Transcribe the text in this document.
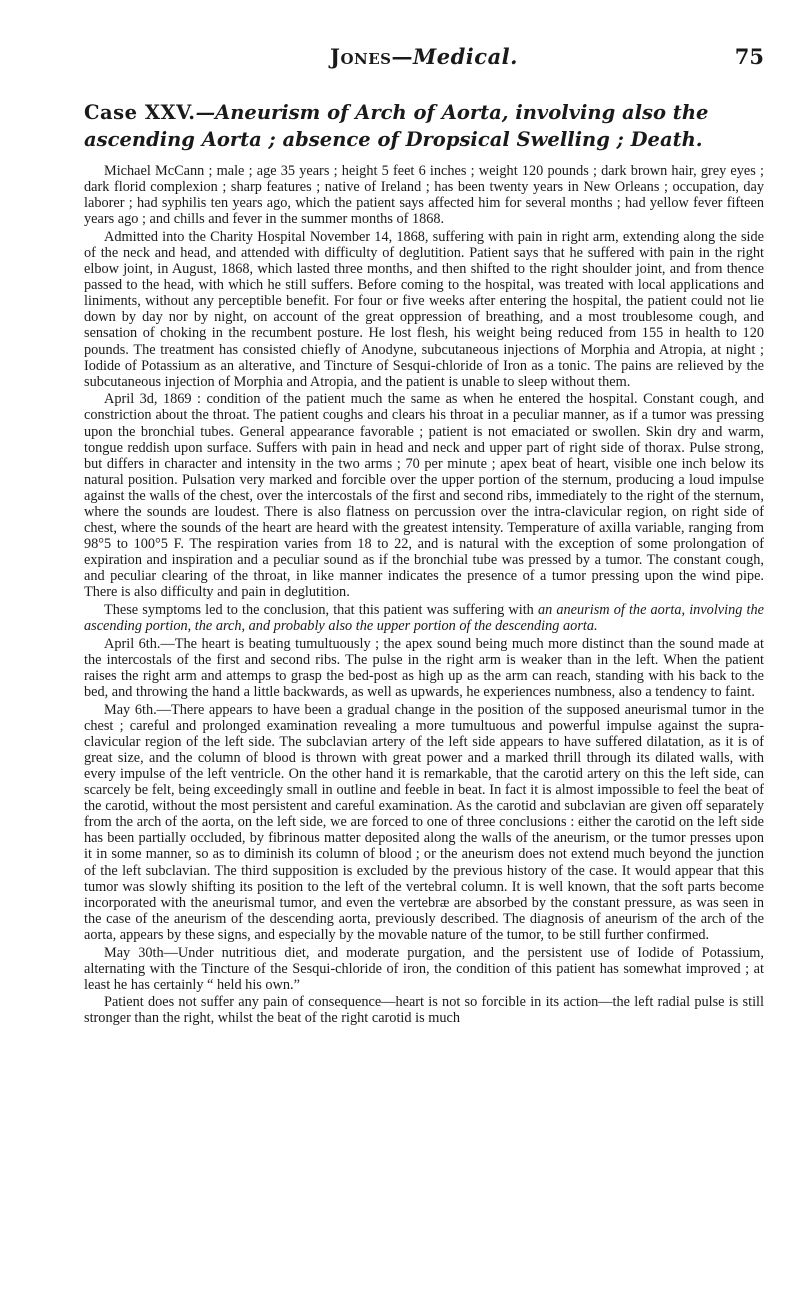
Jones—Medical.	75
Case XXV.—Aneurism of Arch of Aorta, involving also the ascending Aorta ; absence of Dropsical Swelling ; Death.

Michael McCann ; male ; age 35 years ; height 5 feet 6 inches ; weight 120 pounds ; dark brown hair, grey eyes ; dark florid complexion ; sharp features ; native of Ireland ; has been twenty years in New Orleans ; occupation, day laborer ; had syphilis ten years ago, which the patient says affected him for several months ; had yellow fever fifteen years ago ; and chills and fever in the summer months of 1868.

Admitted into the Charity Hospital November 14, 1868, suffering with pain in right arm, extending along the side of the neck and head, and attended with difficulty of deglutition. Patient says that he suffered with pain in the right elbow joint, in August, 1868, which lasted three months, and then shifted to the right shoulder joint, and from thence passed to the head, with which he still suffers. Before coming to the hospital, was treated with local applications and liniments, without any perceptible benefit. For four or five weeks after entering the hospital, the patient could not lie down by day nor by night, on account of the great oppression of breathing, and a most troublesome cough, and sensation of choking in the recumbent posture. He lost flesh, his weight being reduced from 155 in health to 120 pounds. The treatment has consisted chiefly of Anodyne, subcutaneous injections of Morphia and Atropia, at night ; Iodide of Potassium as an alterative, and Tincture of Sesqui-chloride of Iron as a tonic. The pains are relieved by the subcutaneous injection of Morphia and Atropia, and the patient is unable to sleep without them.

April 3d, 1869 : condition of the patient much the same as when he entered the hospital. Constant cough, and constriction about the throat. The patient coughs and clears his throat in a peculiar manner, as if a tumor was pressing upon the bronchial tubes. General appearance favorable ; patient is not emaciated or swollen. Skin dry and warm, tongue reddish upon surface. Suffers with pain in head and neck and upper part of right side of thorax. Pulse strong, but differs in character and intensity in the two arms ; 70 per minute ; apex beat of heart, visible one inch below its natural position. Pulsation very marked and forcible over the upper portion of the sternum, producing a loud impulse against the walls of the chest, over the intercostals of the first and second ribs, immediately to the right of the sternum, where the sounds are loudest. There is also flatness on percussion over the intra-clavicular region, on right side of chest, where the sounds of the heart are heard with the greatest intensity. Temperature of axilla variable, ranging from 98°5 to 100°5 F. The respiration varies from 18 to 22, and is natural with the exception of some prolongation of expiration and inspiration and a peculiar sound as if the bronchial tube was pressed by a tumor. The constant cough, and peculiar clearing of the throat, in like manner indicates the presence of a tumor pressing upon the wind pipe. There is also difficulty and pain in deglutition.

These symptoms led to the conclusion, that this patient was suffering with an aneurism of the aorta, involving the ascending portion, the arch, and probably also the upper portion of the descending aorta.

April 6th.—The heart is beating tumultuously ; the apex sound being much more distinct than the sound made at the intercostals of the first and second ribs. The pulse in the right arm is weaker than in the left. When the patient raises the right arm and attemps to grasp the bed-post as high up as the arm can reach, standing with his back to the bed, and throwing the hand a little backwards, as well as upwards, he experiences numbness, also a tendency to faint.

May 6th.—There appears to have been a gradual change in the position of the supposed aneurismal tumor in the chest ; careful and prolonged examination revealing a more tumultuous and powerful impulse against the supra-clavicular region of the left side. The subclavian artery of the left side appears to have suffered dilatation, as it is of great size, and the column of blood is thrown with great power and a marked thrill through its dilated walls, with every impulse of the left ventricle. On the other hand it is remarkable, that the carotid artery on this the left side, can scarcely be felt, being exceedingly small in outline and feeble in beat. In fact it is almost impossible to feel the beat of the carotid, without the most persistent and careful examination. As the carotid and subclavian are given off separately from the arch of the aorta, on the left side, we are forced to one of three conclusions : either the carotid on the left side has been partially occluded, by fibrinous matter deposited along the walls of the aneurism, or the tumor presses upon it in some manner, so as to diminish its column of blood ; or the aneurism does not extend much beyond the junction of the left subclavian. The third supposition is excluded by the previous history of the case. It would appear that this tumor was slowly shifting its position to the left of the vertebral column. It is well known, that the soft parts become incorporated with the aneurismal tumor, and even the vertebræ are absorbed by the constant pressure, as was seen in the case of the aneurism of the descending aorta, previously described. The diagnosis of aneurism of the arch of the aorta, appears by these signs, and especially by the movable nature of the tumor, to be still further confirmed.

May 30th—Under nutritious diet, and moderate purgation, and the persistent use of Iodide of Potassium, alternating with the Tincture of the Sesqui-chloride of iron, the condition of this patient has somewhat improved ; at least he has certainly “ held his own.”

Patient does not suffer any pain of consequence—heart is not so forcible in its action—the left radial pulse is still stronger than the right, whilst the beat of the right carotid is much
